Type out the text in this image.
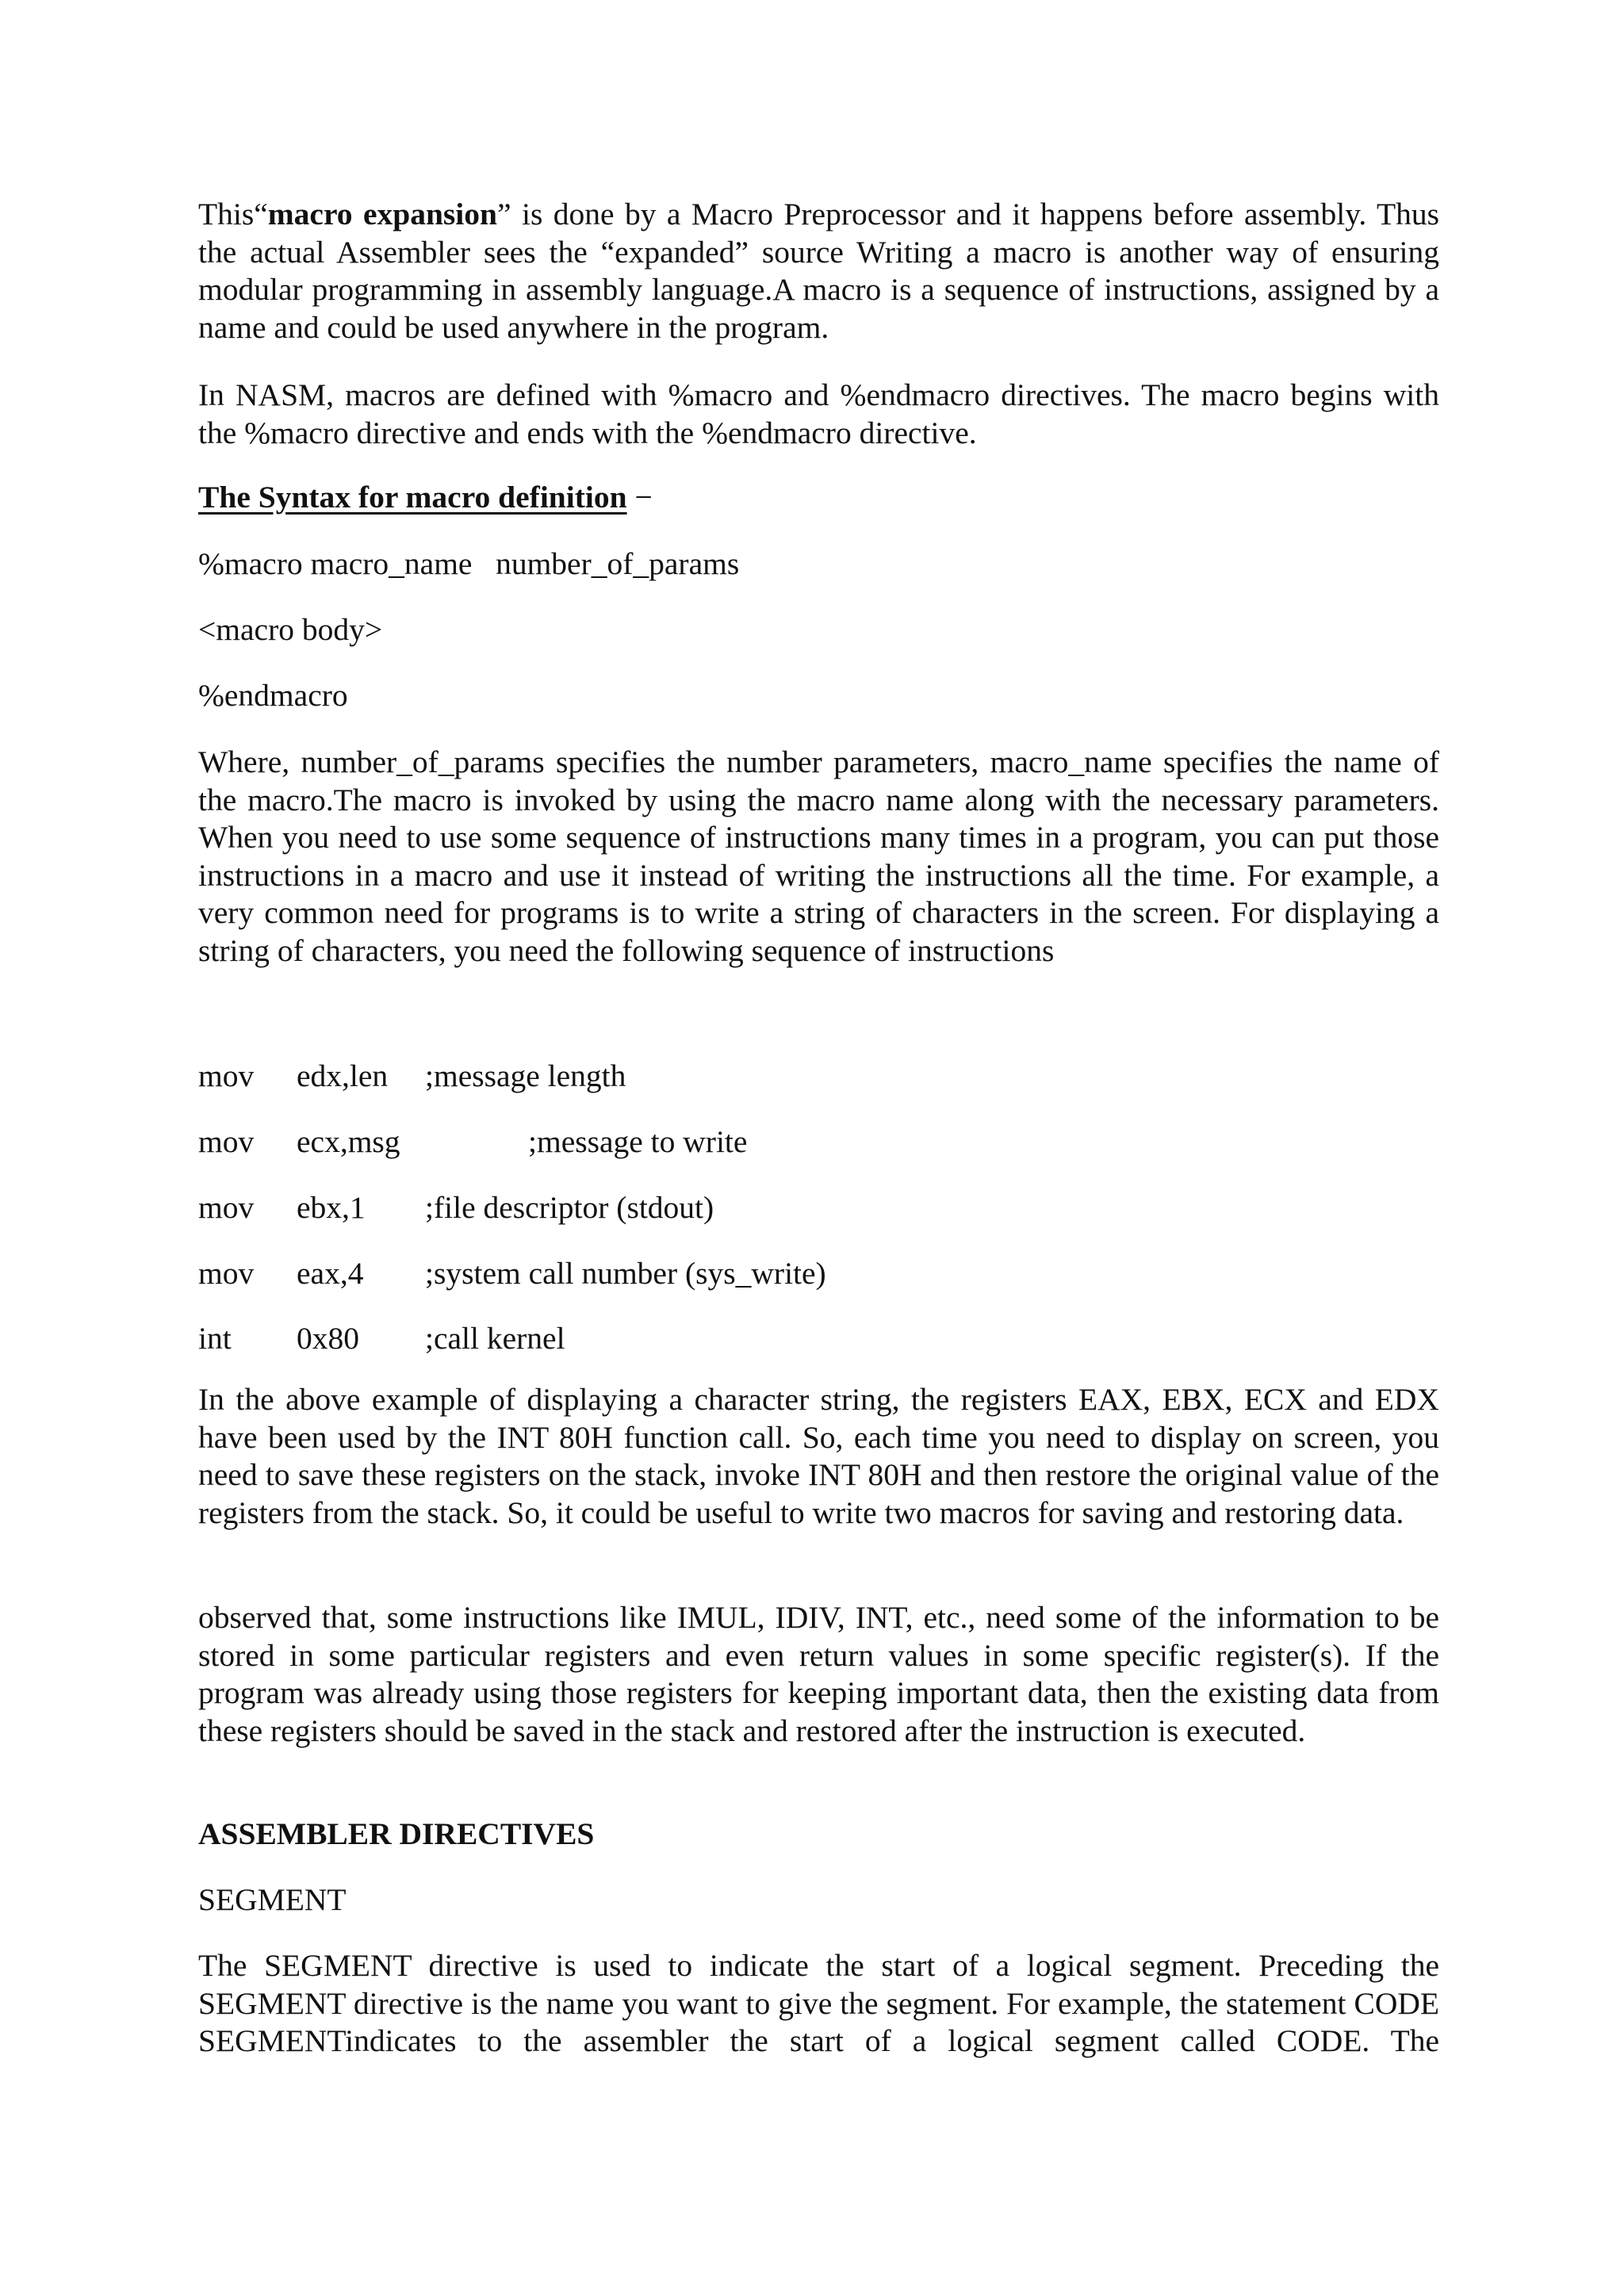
This“macro expansion” is done by a Macro Preprocessor and it happens before assembly. Thus the actual Assembler sees the “expanded” source Writing a macro is another way of ensuring modular programming in assembly language.A macro is a sequence of instructions, assigned by a name and could be used anywhere in the program.

In NASM, macros are defined with %macro and %endmacro directives. The macro begins with the %macro directive and ends with the %endmacro directive.

The Syntax for macro definition −

%macro macro_name   number_of_params

<macro body>

%endmacro

Where, number_of_params specifies the number parameters, macro_name specifies the name of the macro.The macro is invoked by using the macro name along with the necessary parameters. When you need to use some sequence of instructions many times in a program, you can put those instructions in a macro and use it instead of writing the instructions all the time. For example, a very common need for programs is to write a string of characters in the screen. For displaying a string of characters, you need the following sequence of instructions

mov edx,len ;message length
mov ecx,msg	;message to write
mov ebx,1 ;file descriptor (stdout)
mov eax,4 ;system call number (sys_write)
int 0x80 ;call kernel

In the above example of displaying a character string, the registers EAX, EBX, ECX and EDX have been used by the INT 80H function call. So, each time you need to display on screen, you need to save these registers on the stack, invoke INT 80H and then restore the original value of the registers from the stack. So, it could be useful to write two macros for saving and restoring data.

observed that, some instructions like IMUL, IDIV, INT, etc., need some of the information to be stored in some particular registers and even return values in some specific register(s). If the program was already using those registers for keeping important data, then the existing data from these registers should be saved in the stack and restored after the instruction is executed.

ASSEMBLER DIRECTIVES

SEGMENT

The SEGMENT directive is used to indicate the start of a logical segment. Preceding the SEGMENT directive is the name you want to give the segment. For example, the statement CODE SEGMENTindicates to the assembler the start of a logical segment called CODE. The
